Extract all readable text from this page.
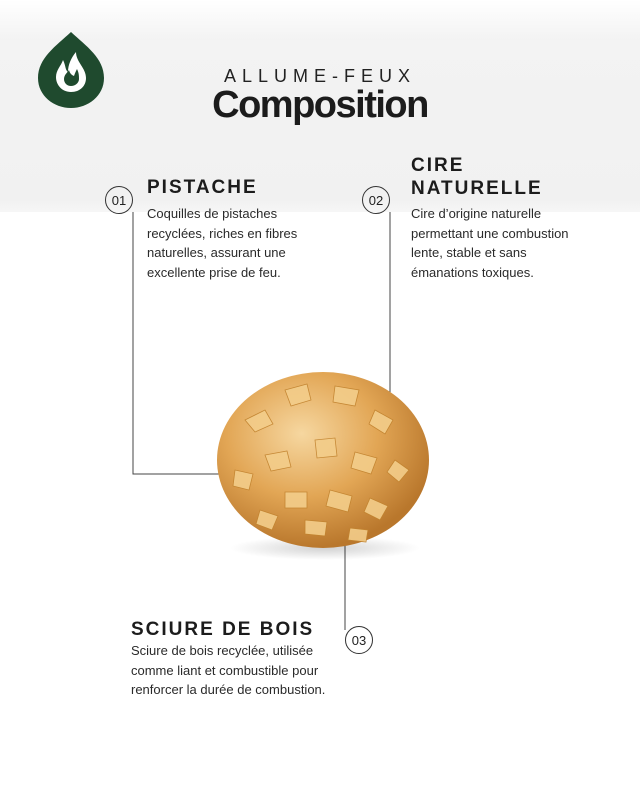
ALLUME-FEUX
Composition
01
PISTACHE
Coquilles de pistaches recyclées, riches en fibres naturelles, assurant une excellente prise de feu.
02
CIRE
NATURELLE
Cire d’origine naturelle permettant une combustion lente, stable et sans émanations toxiques.
03
SCIURE DE BOIS
Sciure de bois recyclée, utilisée comme liant et combustible pour renforcer la durée de combustion.
